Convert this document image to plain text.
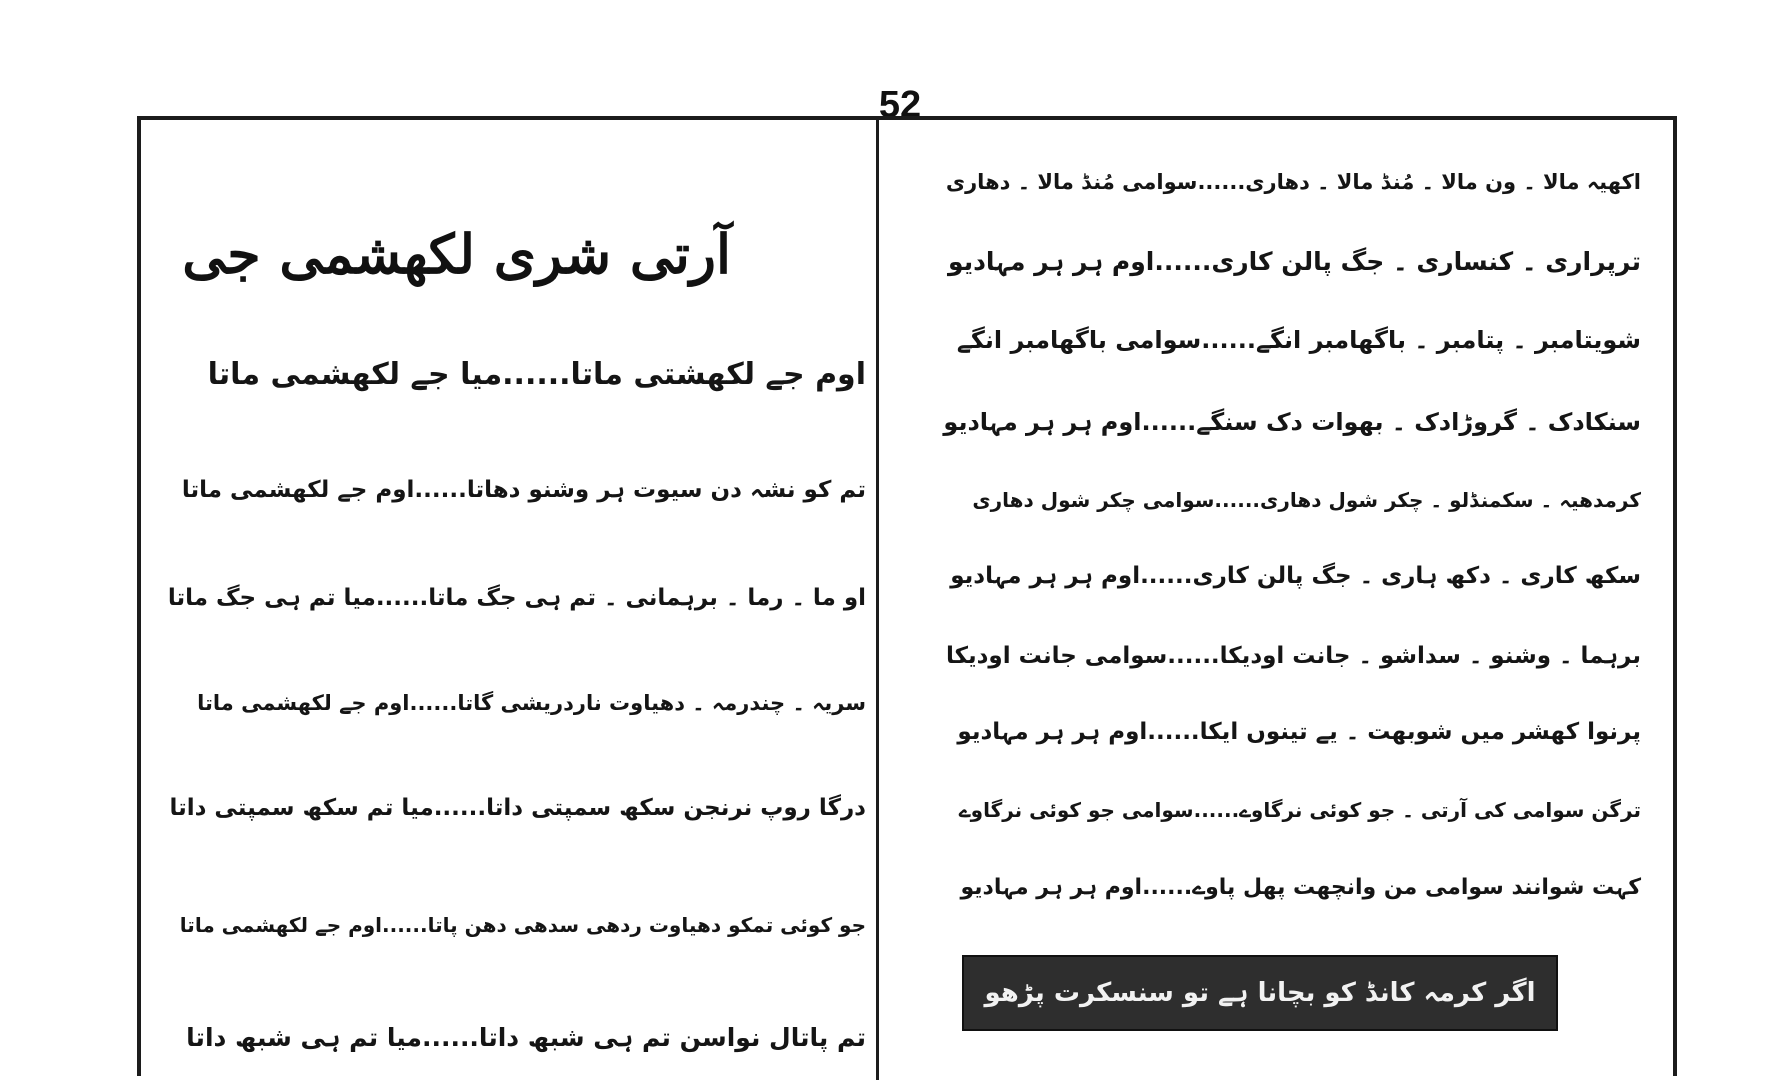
52
آرتی شری لکھشمی جی
اوم جے لکھشتی ماتا......میا جے لکھشمی ماتا
تم کو نشہ دن سیوت ہر وشنو دھاتا......اوم جے لکھشمی ماتا
او ما ۔ رما ۔ برہمانی ۔ تم ہی جگ ماتا......میا تم ہی جگ ماتا
سریہ ۔ چندرمہ ۔ دھیاوت ناردریشی گاتا......اوم جے لکھشمی ماتا
درگا روپ نرنجن سکھ سمپتی داتا......میا تم سکھ سمپتی داتا
جو کوئی تمکو دھیاوت ردھی سدھی دھن پاتا......اوم جے لکھشمی ماتا
تم پاتال نواسن تم ہی شبھ داتا......میا تم ہی شبھ داتا
اکھیہ مالا ۔ ون مالا ۔ مُنڈ مالا ۔ دھاری......سوامی مُنڈ مالا ۔ دھاری
ترپراری ۔ کنساری ۔ جگ پالن کاری......اوم ہر ہر مہادیو
شویتامبر ۔ پتامبر ۔ باگھامبر انگے......سوامی باگھامبر انگے
سنکادک ۔ گروڑادک ۔ بھوات دک سنگے......اوم ہر ہر مہادیو
کرمدھیہ ۔ سکمنڈلو ۔ چکر شول دھاری......سوامی چکر شول دھاری
سکھ کاری ۔ دکھ ہاری ۔ جگ پالن کاری......اوم ہر ہر مہادیو
برہما ۔ وشنو ۔ سداشو ۔ جانت اودیکا......سوامی جانت اودیکا
پرنوا کھشر میں شوبھت ۔ یے تینوں ایکا......اوم ہر ہر مہادیو
ترگن سوامی کی آرتی ۔ جو کوئی نرگاوے......سوامی جو کوئی نرگاوے
کہت شوانند سوامی من وانچھت پھل پاوے......اوم ہر ہر مہادیو
اگر کرمہ کانڈ کو بچانا ہے تو سنسکرت پڑھو
